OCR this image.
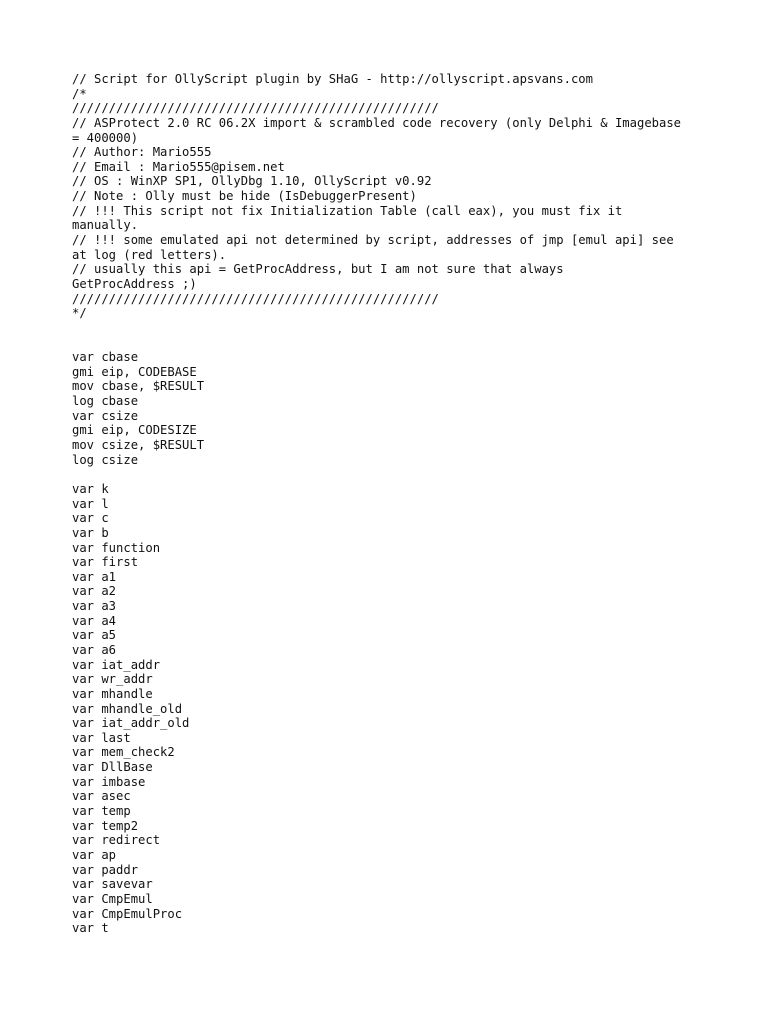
// Script for OllyScript plugin by SHaG - http://ollyscript.apsvans.com
/*
//////////////////////////////////////////////////
// ASProtect 2.0 RC 06.2X import & scrambled code recovery (only Delphi & Imagebase
= 400000)
// Author: Mario555
// Email : Mario555@pisem.net
// OS : WinXP SP1, OllyDbg 1.10, OllyScript v0.92
// Note : Olly must be hide (IsDebuggerPresent)
// !!! This script not fix Initialization Table (call eax), you must fix it
manually.
// !!! some emulated api not determined by script, addresses of jmp [emul api] see
at log (red letters).
// usually this api = GetProcAddress, but I am not sure that always
GetProcAddress ;)
//////////////////////////////////////////////////
*/
var cbase
gmi eip, CODEBASE
mov cbase, $RESULT
log cbase
var csize
gmi eip, CODESIZE
mov csize, $RESULT
log csize
var k
var l
var c
var b
var function
var first
var a1
var a2
var a3
var a4
var a5
var a6
var iat_addr
var wr_addr
var mhandle
var mhandle_old
var iat_addr_old
var last
var mem_check2
var DllBase
var imbase
var asec
var temp
var temp2
var redirect
var ap
var paddr
var savevar
var CmpEmul
var CmpEmulProc
var t
